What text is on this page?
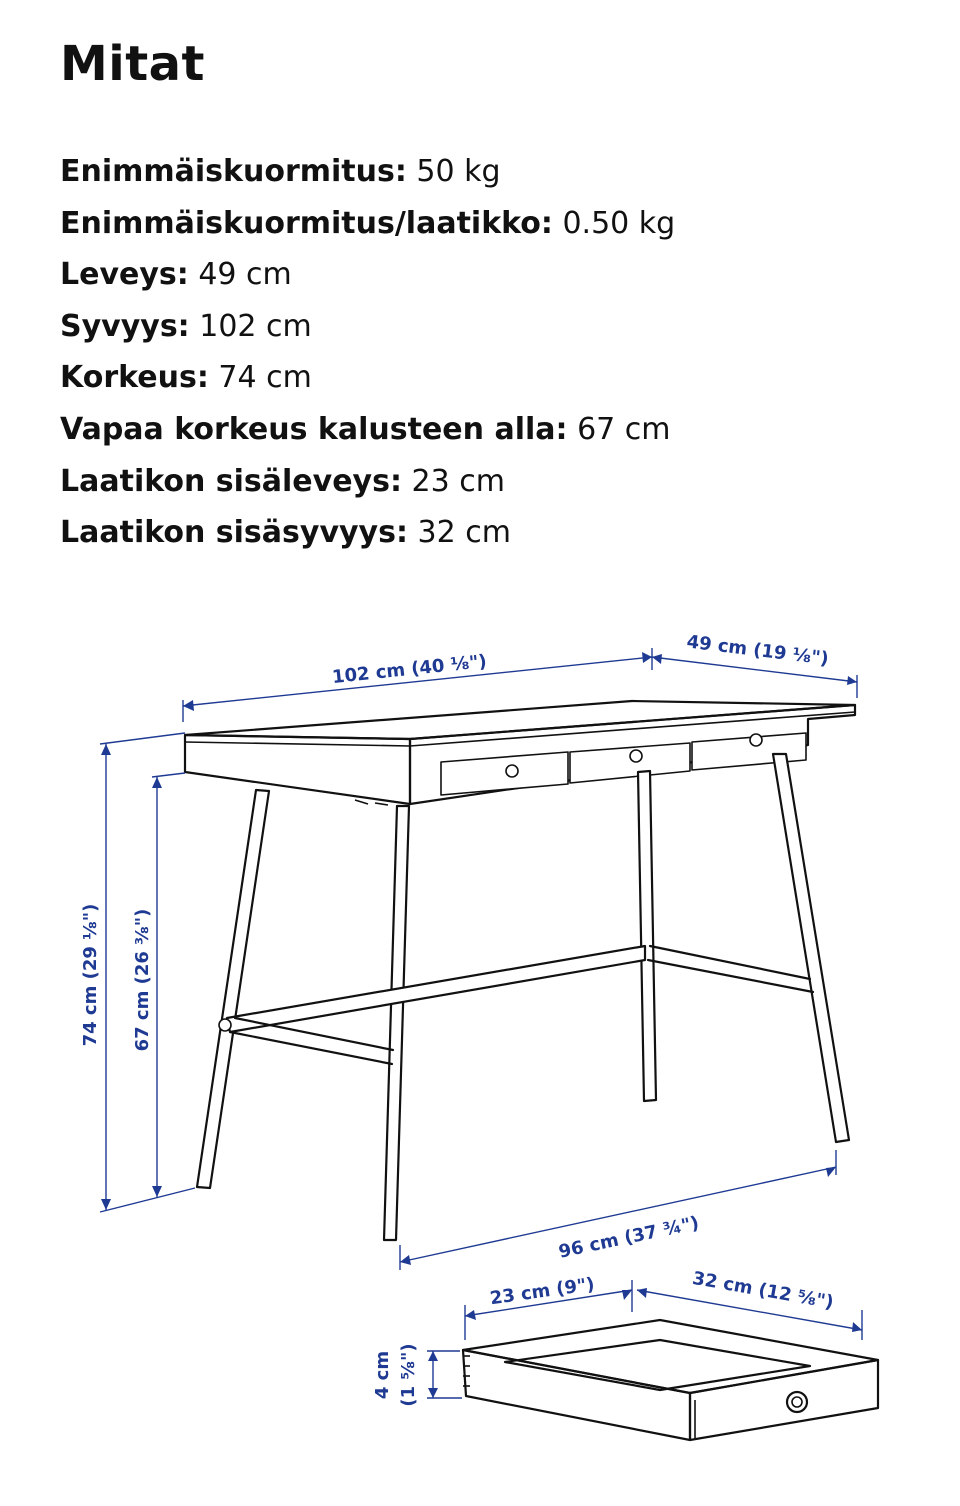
Mitat
Enimmäiskuormitus: 50 kg
Enimmäiskuormitus/laatikko: 0.50 kg
Leveys: 49 cm
Syvyys: 102 cm
Korkeus: 74 cm
Vapaa korkeus kalusteen alla: 67 cm
Laatikon sisäleveys: 23 cm
Laatikon sisäsyvyys: 32 cm
102 cm (40 ⅛")	49 cm (19 ⅛")
74 cm (29 ⅛") 67 cm (26 ⅜")
96 cm (37 ¾")
23 cm (9")	32 cm (12 ⅝")
4 cm (1 ⅝")
